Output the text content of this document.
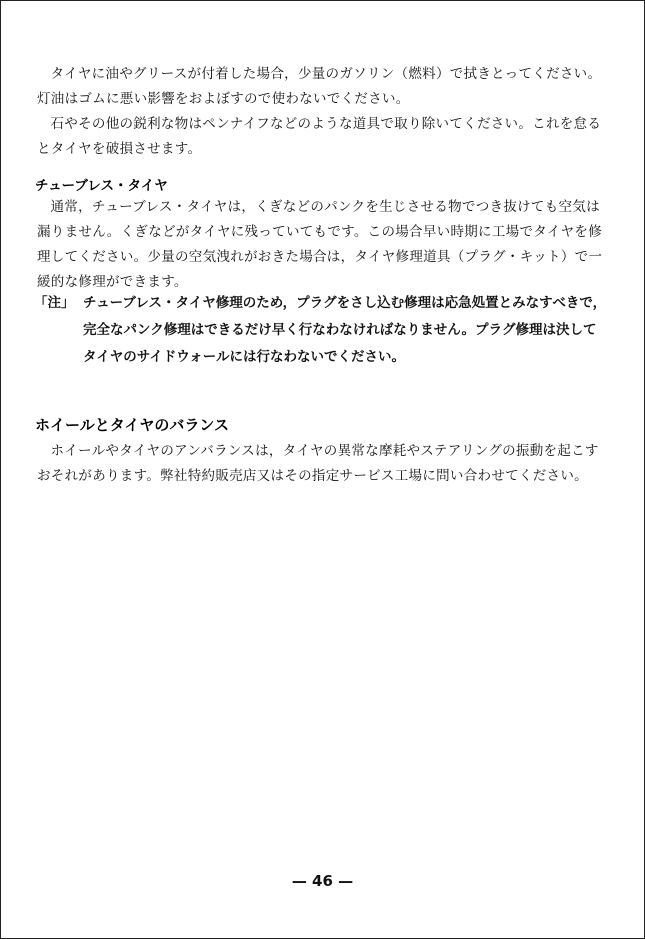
タイヤに油やグリースが付着した場合，少量のガソリン（燃料）で拭きとってください。灯油はゴムに悪い影響をおよぼすので使わないでください。

石やその他の鋭利な物はペンナイフなどのような道具で取り除いてください。これを怠るとタイヤを破損させます。

チューブレス・タイヤ

通常，チューブレス・タイヤは，くぎなどのパンクを生じさせる物でつき抜けても空気は漏りません。くぎなどがタイヤに残っていてもです。この場合早い時期に工場でタイヤを修理してください。少量の空気洩れがおきた場合は，タイヤ修理道具（プラグ・キット）で一緩的な修理ができます。

「注」 チューブレス・タイヤ修理のため，プラグをさし込む修理は応急処置とみなすべきで，完全なパンク修理はできるだけ早く行なわなければなりません。プラグ修理は決してタイヤのサイドウォールには行なわないでください。

ホイールとタイヤのバランス

ホイールやタイヤのアンバランスは，タイヤの異常な摩耗やステアリングの振動を起こすおそれがあります。弊社特約販売店又はその指定サービス工場に問い合わせてください。

— 46 —
